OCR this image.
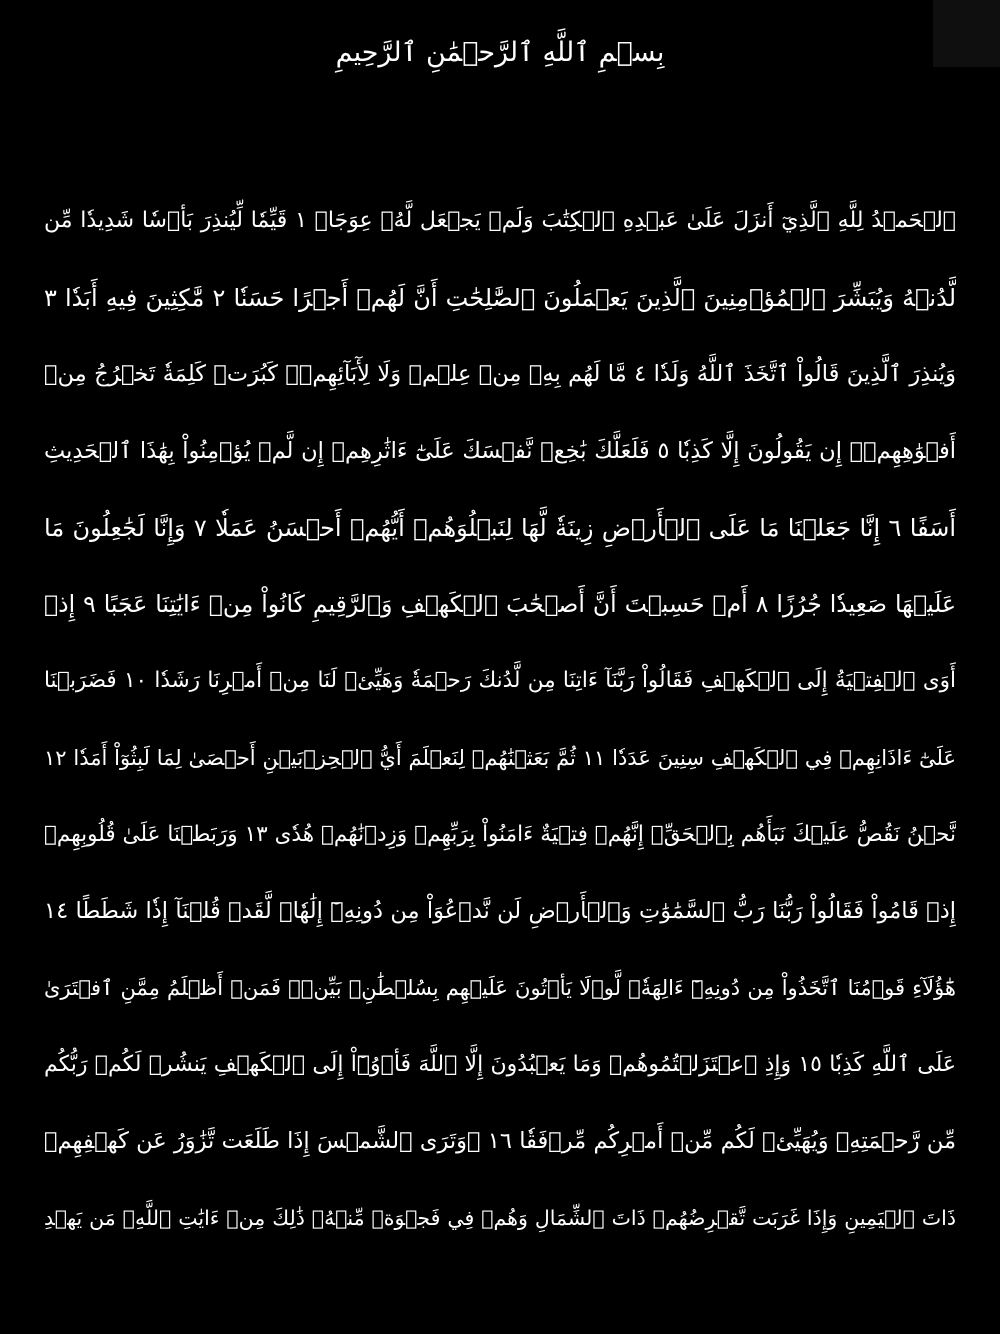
بِسۡمِ ٱللَّهِ ٱلرَّحۡمَٰنِ ٱلرَّحِيمِ
ٱلۡحَمۡدُ لِلَّهِ ٱلَّذِيٓ أَنزَلَ عَلَىٰ عَبۡدِهِ ٱلۡكِتَٰبَ وَلَمۡ يَجۡعَل لَّهُۥ عِوَجَاۜ ١ قَيِّمٗا لِّيُنذِرَ بَأۡسٗا شَدِيدٗا مِّن
لَّدُنۡهُ وَيُبَشِّرَ ٱلۡمُؤۡمِنِينَ ٱلَّذِينَ يَعۡمَلُونَ ٱلصَّٰلِحَٰتِ أَنَّ لَهُمۡ أَجۡرًا حَسَنٗا ٢ مَّٰكِثِينَ فِيهِ أَبَدٗا ٣
وَيُنذِرَ ٱلَّذِينَ قَالُواْ ٱتَّخَذَ ٱللَّهُ وَلَدٗا ٤ مَّا لَهُم بِهِۦ مِنۡ عِلۡمٖ وَلَا لِأٓبَآئِهِمۡۚ كَبُرَتۡ كَلِمَةٗ تَخۡرُجُ مِنۡ
أَفۡوَٰهِهِمۡۚ إِن يَقُولُونَ إِلَّا كَذِبٗا ٥ فَلَعَلَّكَ بَٰخِعٞ نَّفۡسَكَ عَلَىٰٓ ءَاثَٰرِهِمۡ إِن لَّمۡ يُؤۡمِنُواْ بِهَٰذَا ٱلۡحَدِيثِ
أَسَفًا ٦ إِنَّا جَعَلۡنَا مَا عَلَى ٱلۡأَرۡضِ زِينَةٗ لَّهَا لِنَبۡلُوَهُمۡ أَيُّهُمۡ أَحۡسَنُ عَمَلٗا ٧ وَإِنَّا لَجَٰعِلُونَ مَا
عَلَيۡهَا صَعِيدٗا جُرُزًا ٨ أَمۡ حَسِبۡتَ أَنَّ أَصۡحَٰبَ ٱلۡكَهۡفِ وَٱلرَّقِيمِ كَانُواْ مِنۡ ءَايَٰتِنَا عَجَبًا ٩ إِذۡ
أَوَى ٱلۡفِتۡيَةُ إِلَى ٱلۡكَهۡفِ فَقَالُواْ رَبَّنَآ ءَاتِنَا مِن لَّدُنكَ رَحۡمَةٗ وَهَيِّئۡ لَنَا مِنۡ أَمۡرِنَا رَشَدٗا ١٠ فَضَرَبۡنَا
عَلَىٰٓ ءَاذَانِهِمۡ فِي ٱلۡكَهۡفِ سِنِينَ عَدَدٗا ١١ ثُمَّ بَعَثۡنَٰهُمۡ لِنَعۡلَمَ أَيُّ ٱلۡحِزۡبَيۡنِ أَحۡصَىٰ لِمَا لَبِثُوٓاْ أَمَدٗا ١٢
نَّحۡنُ نَقُصُّ عَلَيۡكَ نَبَأَهُم بِٱلۡحَقِّۚ إِنَّهُمۡ فِتۡيَةٌ ءَامَنُواْ بِرَبِّهِمۡ وَزِدۡنَٰهُمۡ هُدٗى ١٣ وَرَبَطۡنَا عَلَىٰ قُلُوبِهِمۡ
إِذۡ قَامُواْ فَقَالُواْ رَبُّنَا رَبُّ ٱلسَّمَٰوَٰتِ وَٱلۡأَرۡضِ لَن نَّدۡعُوَاْ مِن دُونِهِۦٓ إِلَٰهٗاۖ لَّقَدۡ قُلۡنَآ إِذٗا شَطَطًا ١٤
هَٰٓؤُلَآءِ قَوۡمُنَا ٱتَّخَذُواْ مِن دُونِهِۦٓ ءَالِهَةٗۖ لَّوۡلَا يَأۡتُونَ عَلَيۡهِم بِسُلۡطَٰنِۭ بَيِّنٖۖ فَمَنۡ أَظۡلَمُ مِمَّنِ ٱفۡتَرَىٰ
عَلَى ٱللَّهِ كَذِبٗا ١٥ وَإِذِ ٱعۡتَزَلۡتُمُوهُمۡ وَمَا يَعۡبُدُونَ إِلَّا ٱللَّهَ فَأۡوُۥٓاْ إِلَى ٱلۡكَهۡفِ يَنشُرۡ لَكُمۡ رَبُّكُم
مِّن رَّحۡمَتِهِۦ وَيُهَيِّئۡ لَكُم مِّنۡ أَمۡرِكُم مِّرۡفَقٗا ١٦ ۞وَتَرَى ٱلشَّمۡسَ إِذَا طَلَعَت تَّزَٰوَرُ عَن كَهۡفِهِمۡ
ذَاتَ ٱلۡيَمِينِ وَإِذَا غَرَبَت تَّقۡرِضُهُمۡ ذَاتَ ٱلشِّمَالِ وَهُمۡ فِي فَجۡوَةٖ مِّنۡهُۚ ذَٰلِكَ مِنۡ ءَايَٰتِ ٱللَّهِۗ مَن يَهۡدِ
